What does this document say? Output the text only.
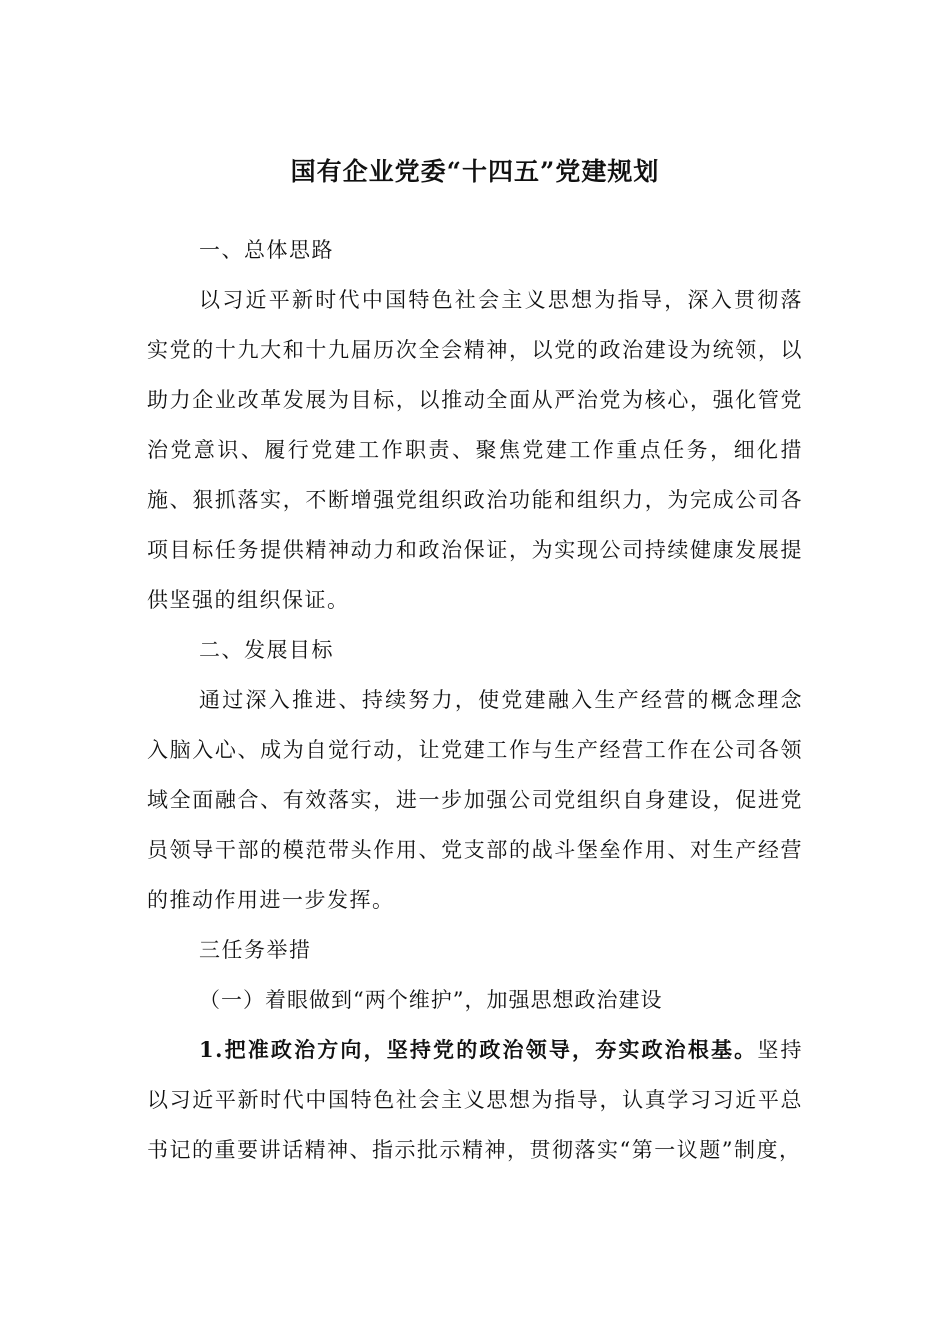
国有企业党委“十四五”党建规划
一、总体思路
以习近平新时代中国特色社会主义思想为指导，深入贯彻落实党的十九大和十九届历次全会精神，以党的政治建设为统领，以助力企业改革发展为目标，以推动全面从严治党为核心，强化管党治党意识、履行党建工作职责、聚焦党建工作重点任务，细化措施、狠抓落实，不断增强党组织政治功能和组织力，为完成公司各项目标任务提供精神动力和政治保证，为实现公司持续健康发展提供坚强的组织保证。
二、发展目标
通过深入推进、持续努力，使党建融入生产经营的概念理念入脑入心、成为自觉行动，让党建工作与生产经营工作在公司各领域全面融合、有效落实，进一步加强公司党组织自身建设，促进党员领导干部的模范带头作用、党支部的战斗堡垒作用、对生产经营的推动作用进一步发挥。
三任务举措
（一）着眼做到“两个维护”，加强思想政治建设
1.把准政治方向，坚持党的政治领导，夯实政治根基。坚持以习近平新时代中国特色社会主义思想为指导，认真学习习近平总书记的重要讲话精神、指示批示精神，贯彻落实“第一议题”制度，
